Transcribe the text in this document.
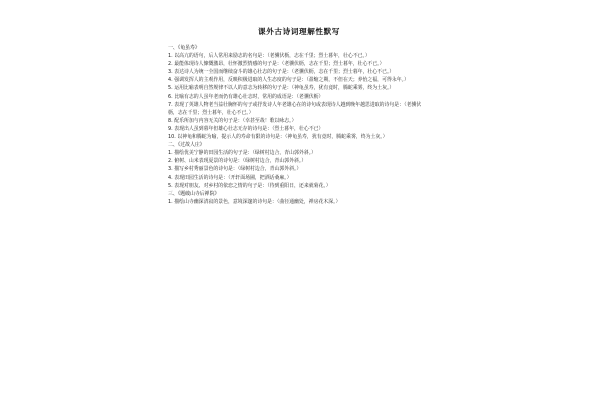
课外古诗词理解性默写

一、《龟虽寿》

1. 以高亢的语句，后人常用来励志的名句是：（老骥伏枥，志在千里；烈士暮年，壮心不已。）

2. 最能体现诗人慷慨激昂，壮怀激烈情感的句子是：（老骥伏枥，志在千里；烈士暮年，壮心不已。）

3. 表达诗人为统一全国而继续奋斗的雄心壮志的句子是：（老骥伏枥，志在千里；烈士暮年，壮心不已。）

4. 强调发挥人的主观作用，反映积极进取的人生态度的句子是：（盈缩之期，不但在天；养怡之福，可得永年。）

5. 运用比喻表明自然规律不以人的意志为转移的句子是：（神龟虽寿，犹有竟时，腾蛇乘雾，终为土灰。）

6. 比喻有志的人虽年老而仍有雄心壮志时，常用的成语是：（老骥伏枥）

7. 表现了英雄人物老当益壮胸怀的句子或抒发诗人年老雄心在的诗句或表现诗人越到晚年越思进取的诗句是：（老骥伏枥，志在千里；烈士暮年，壮心不已。）

8. 配乐所加与内容无关的句子是：（幸甚至哉！歌以咏志。）

9. 表现出人虽到暮年但雄心壮志无存的诗句是：（烈士暮年，壮心不已）

10. 以神龟和腾蛇为喻，提示人的寿命有限的诗句是：（神龟虽寿，犹有竟时，腾蛇乘雾，终为土灰。）

二、《过故人庄》

1. 描绘优美宁静的田园生活的句子是：（绿树村边合，青山郭外斜。）

2. 俯树、山米表现夏景的诗句是：（绿树村边合，青山郭外斜。）

3. 描写乡村秀丽景色的诗句是：（绿树村边合，青山郭外斜。）

4. 表现田园生活的诗句是：（开轩面场圃，把酒话桑麻。）

5. 表现对朋友、对乡村的依恋之情的句子是：（待到重阳日，还来就菊花。）

三、《题破山寺后禅院》

1. 描绘山寺幽深清寂的景色，意境深邃的诗句是：（曲径通幽处，禅房花木深。）
